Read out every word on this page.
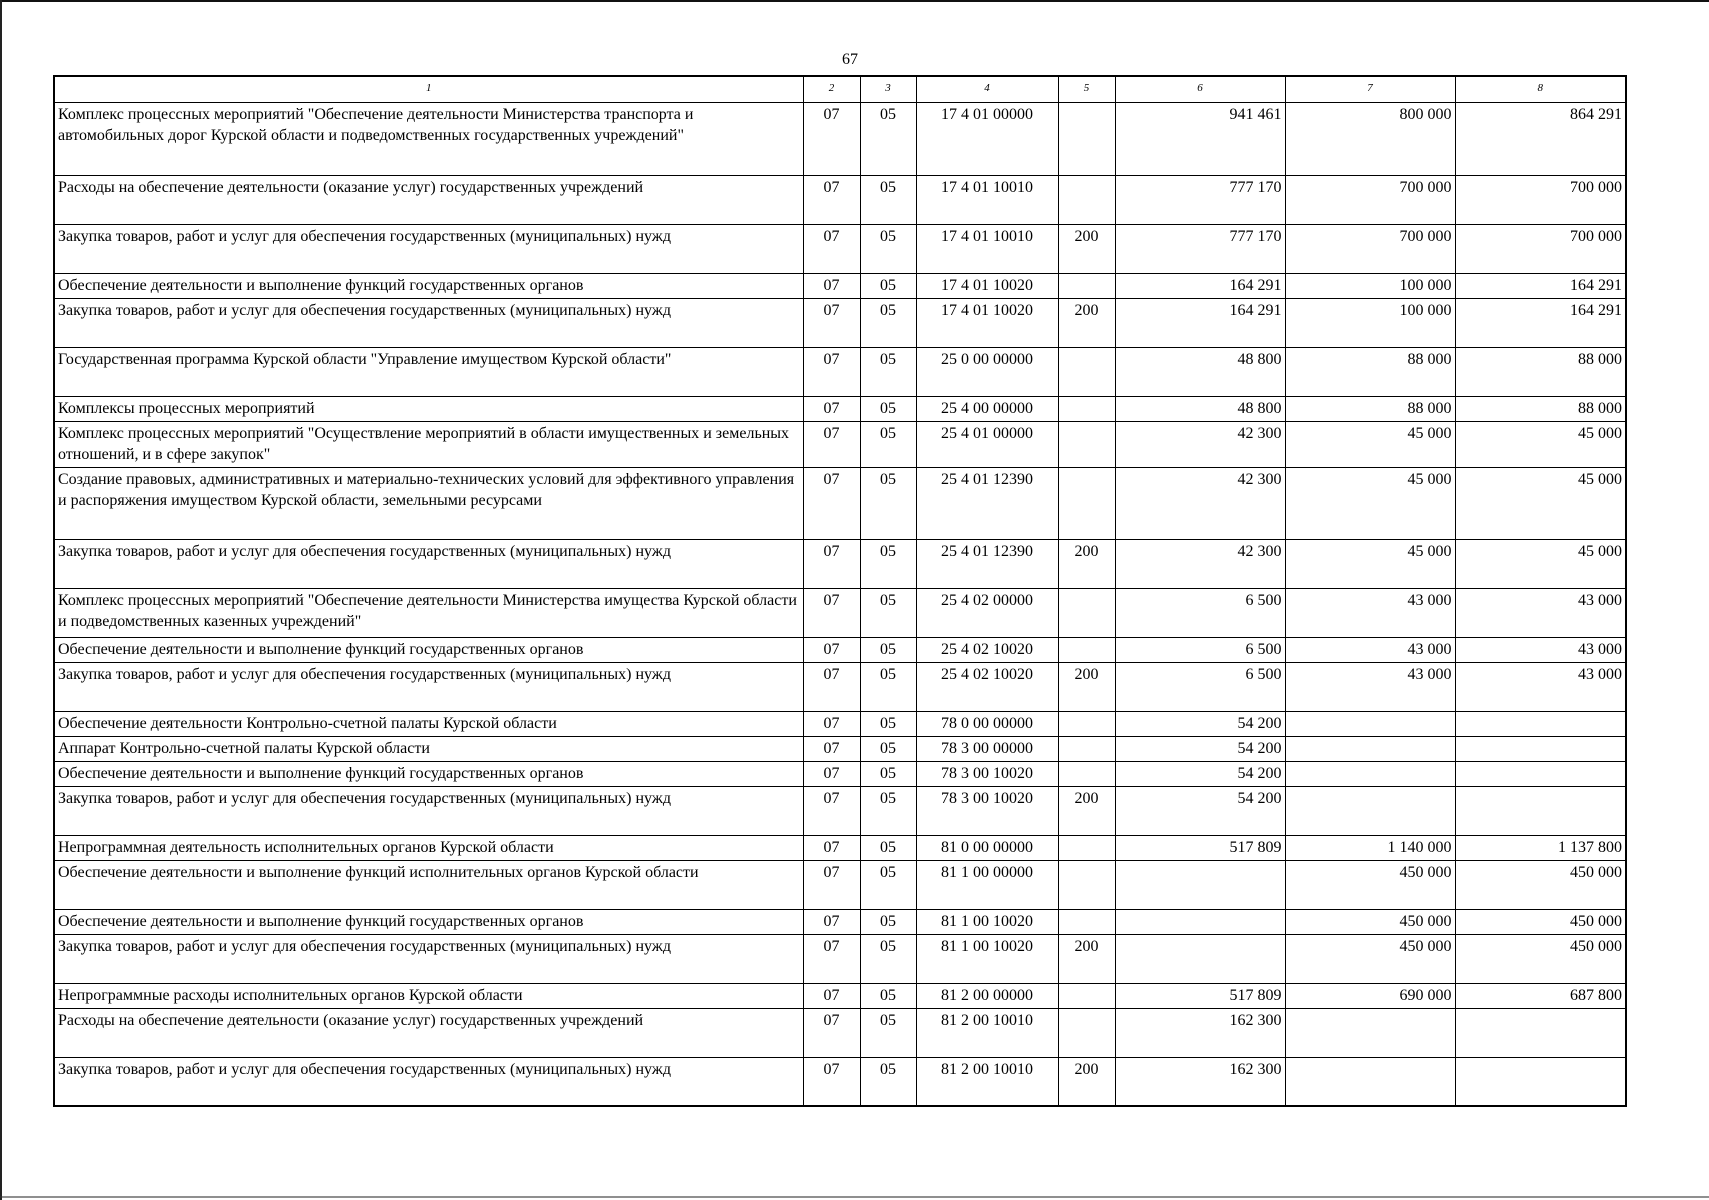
67
1	2	3	4	5	6	7	8
Комплекс процессных мероприятий "Обеспечение деятельности Министерства транспорта и автомобильных дорог Курской области и подведомственных государственных учреждений"	07	05	17 4 01 00000		941 461	800 000	864 291
Расходы на обеспечение деятельности (оказание услуг) государственных учреждений	07	05	17 4 01 10010		777 170	700 000	700 000
Закупка товаров, работ и услуг для обеспечения государственных (муниципальных) нужд	07	05	17 4 01 10010	200	777 170	700 000	700 000
Обеспечение деятельности и выполнение функций государственных органов	07	05	17 4 01 10020		164 291	100 000	164 291
Закупка товаров, работ и услуг для обеспечения государственных (муниципальных) нужд	07	05	17 4 01 10020	200	164 291	100 000	164 291
Государственная программа Курской области "Управление имуществом Курской области"	07	05	25 0 00 00000		48 800	88 000	88 000
Комплексы процессных мероприятий	07	05	25 4 00 00000		48 800	88 000	88 000
Комплекс процессных мероприятий "Осуществление мероприятий в области имущественных и земельных отношений, и в сфере закупок"	07	05	25 4 01 00000		42 300	45 000	45 000
Создание правовых, административных и материально-технических условий для эффективного управления и распоряжения имуществом Курской области, земельными ресурсами	07	05	25 4 01 12390		42 300	45 000	45 000
Закупка товаров, работ и услуг для обеспечения государственных (муниципальных) нужд	07	05	25 4 01 12390	200	42 300	45 000	45 000
Комплекс процессных мероприятий "Обеспечение деятельности Министерства имущества Курской области и подведомственных казенных учреждений"	07	05	25 4 02 00000		6 500	43 000	43 000
Обеспечение деятельности и выполнение функций государственных органов	07	05	25 4 02 10020		6 500	43 000	43 000
Закупка товаров, работ и услуг для обеспечения государственных (муниципальных) нужд	07	05	25 4 02 10020	200	6 500	43 000	43 000
Обеспечение деятельности Контрольно-счетной палаты Курской области	07	05	78 0 00 00000		54 200		
Аппарат Контрольно-счетной палаты Курской области	07	05	78 3 00 00000		54 200		
Обеспечение деятельности и выполнение функций государственных органов	07	05	78 3 00 10020		54 200		
Закупка товаров, работ и услуг для обеспечения государственных (муниципальных) нужд	07	05	78 3 00 10020	200	54 200		
Непрограммная деятельность исполнительных органов Курской области	07	05	81 0 00 00000		517 809	1 140 000	1 137 800
Обеспечение деятельности и выполнение функций исполнительных органов Курской области	07	05	81 1 00 00000			450 000	450 000
Обеспечение деятельности и выполнение функций государственных органов	07	05	81 1 00 10020			450 000	450 000
Закупка товаров, работ и услуг для обеспечения государственных (муниципальных) нужд	07	05	81 1 00 10020	200		450 000	450 000
Непрограммные расходы исполнительных органов Курской области	07	05	81 2 00 00000		517 809	690 000	687 800
Расходы на обеспечение деятельности (оказание услуг) государственных учреждений	07	05	81 2 00 10010		162 300		
Закупка товаров, работ и услуг для обеспечения государственных (муниципальных) нужд	07	05	81 2 00 10010	200	162 300		
